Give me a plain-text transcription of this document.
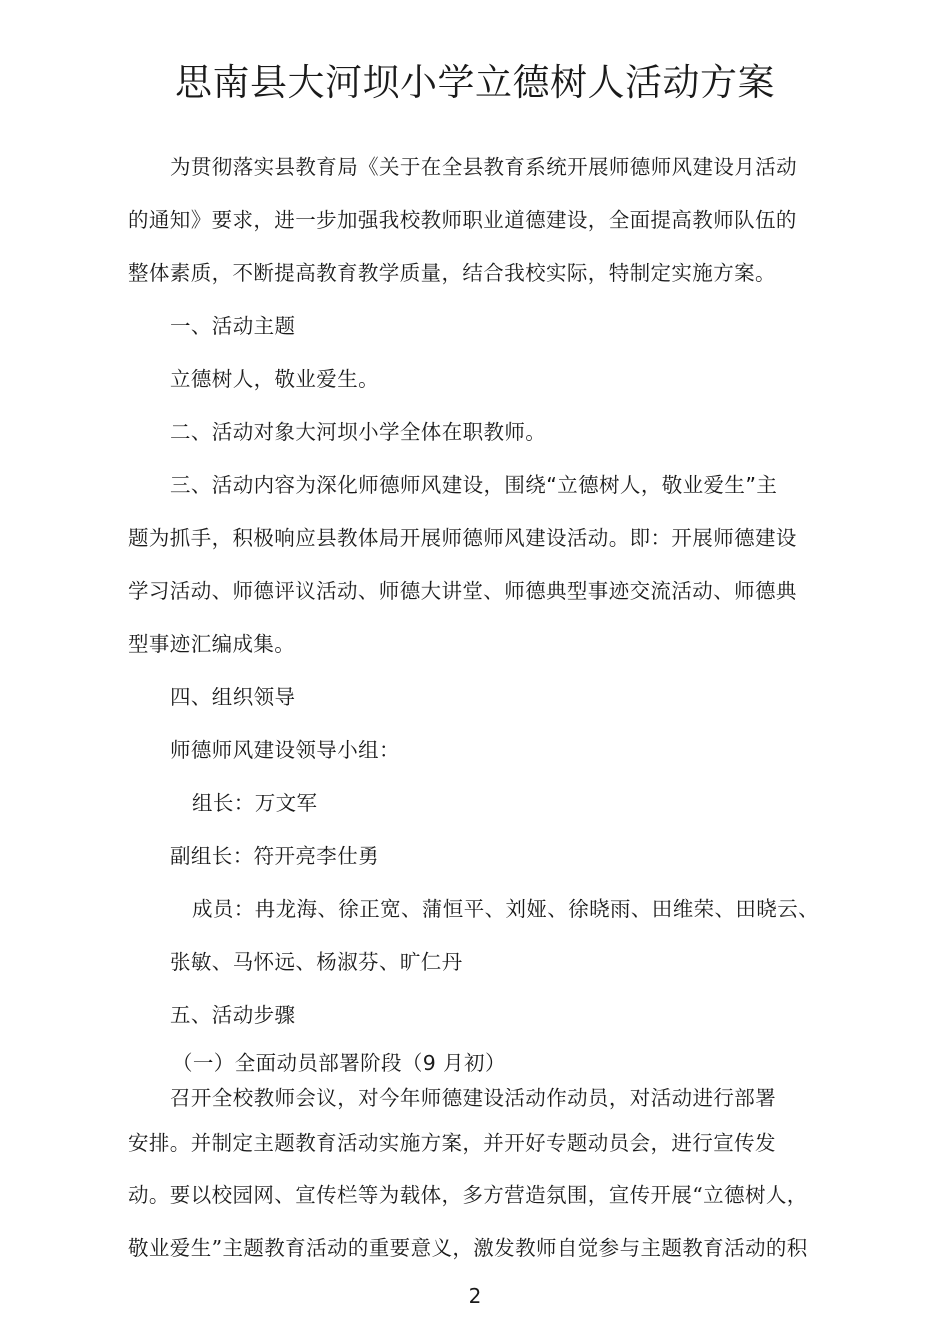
思南县大河坝小学立德树人活动方案
为贯彻落实县教育局《关于在全县教育系统开展师德师风建设月活动
的通知》要求，进一步加强我校教师职业道德建设，全面提高教师队伍的
整体素质，不断提高教育教学质量，结合我校实际，特制定实施方案。
一、活动主题
立德树人，敬业爱生。
二、活动对象大河坝小学全体在职教师。
三、活动内容为深化师德师风建设，围绕“立德树人，敬业爱生”主
题为抓手，积极响应县教体局开展师德师风建设活动。即：开展师德建设
学习活动、师德评议活动、师德大讲堂、师德典型事迹交流活动、师德典
型事迹汇编成集。
四、组织领导
师德师风建设领导小组：
组长：万文军
副组长：符开亮李仕勇
成员：冉龙海、徐正宽、蒲恒平、刘娅、徐晓雨、田维荣、田晓云、
张敏、马怀远、杨淑芬、旷仁丹
五、活动步骤
（一）全面动员部署阶段（9 月初）
召开全校教师会议，对今年师德建设活动作动员，对活动进行部署
安排。并制定主题教育活动实施方案，并开好专题动员会，进行宣传发
动。要以校园网、宣传栏等为载体，多方营造氛围，宣传开展“立德树人，
敬业爱生”主题教育活动的重要意义，激发教师自觉参与主题教育活动的积
2
